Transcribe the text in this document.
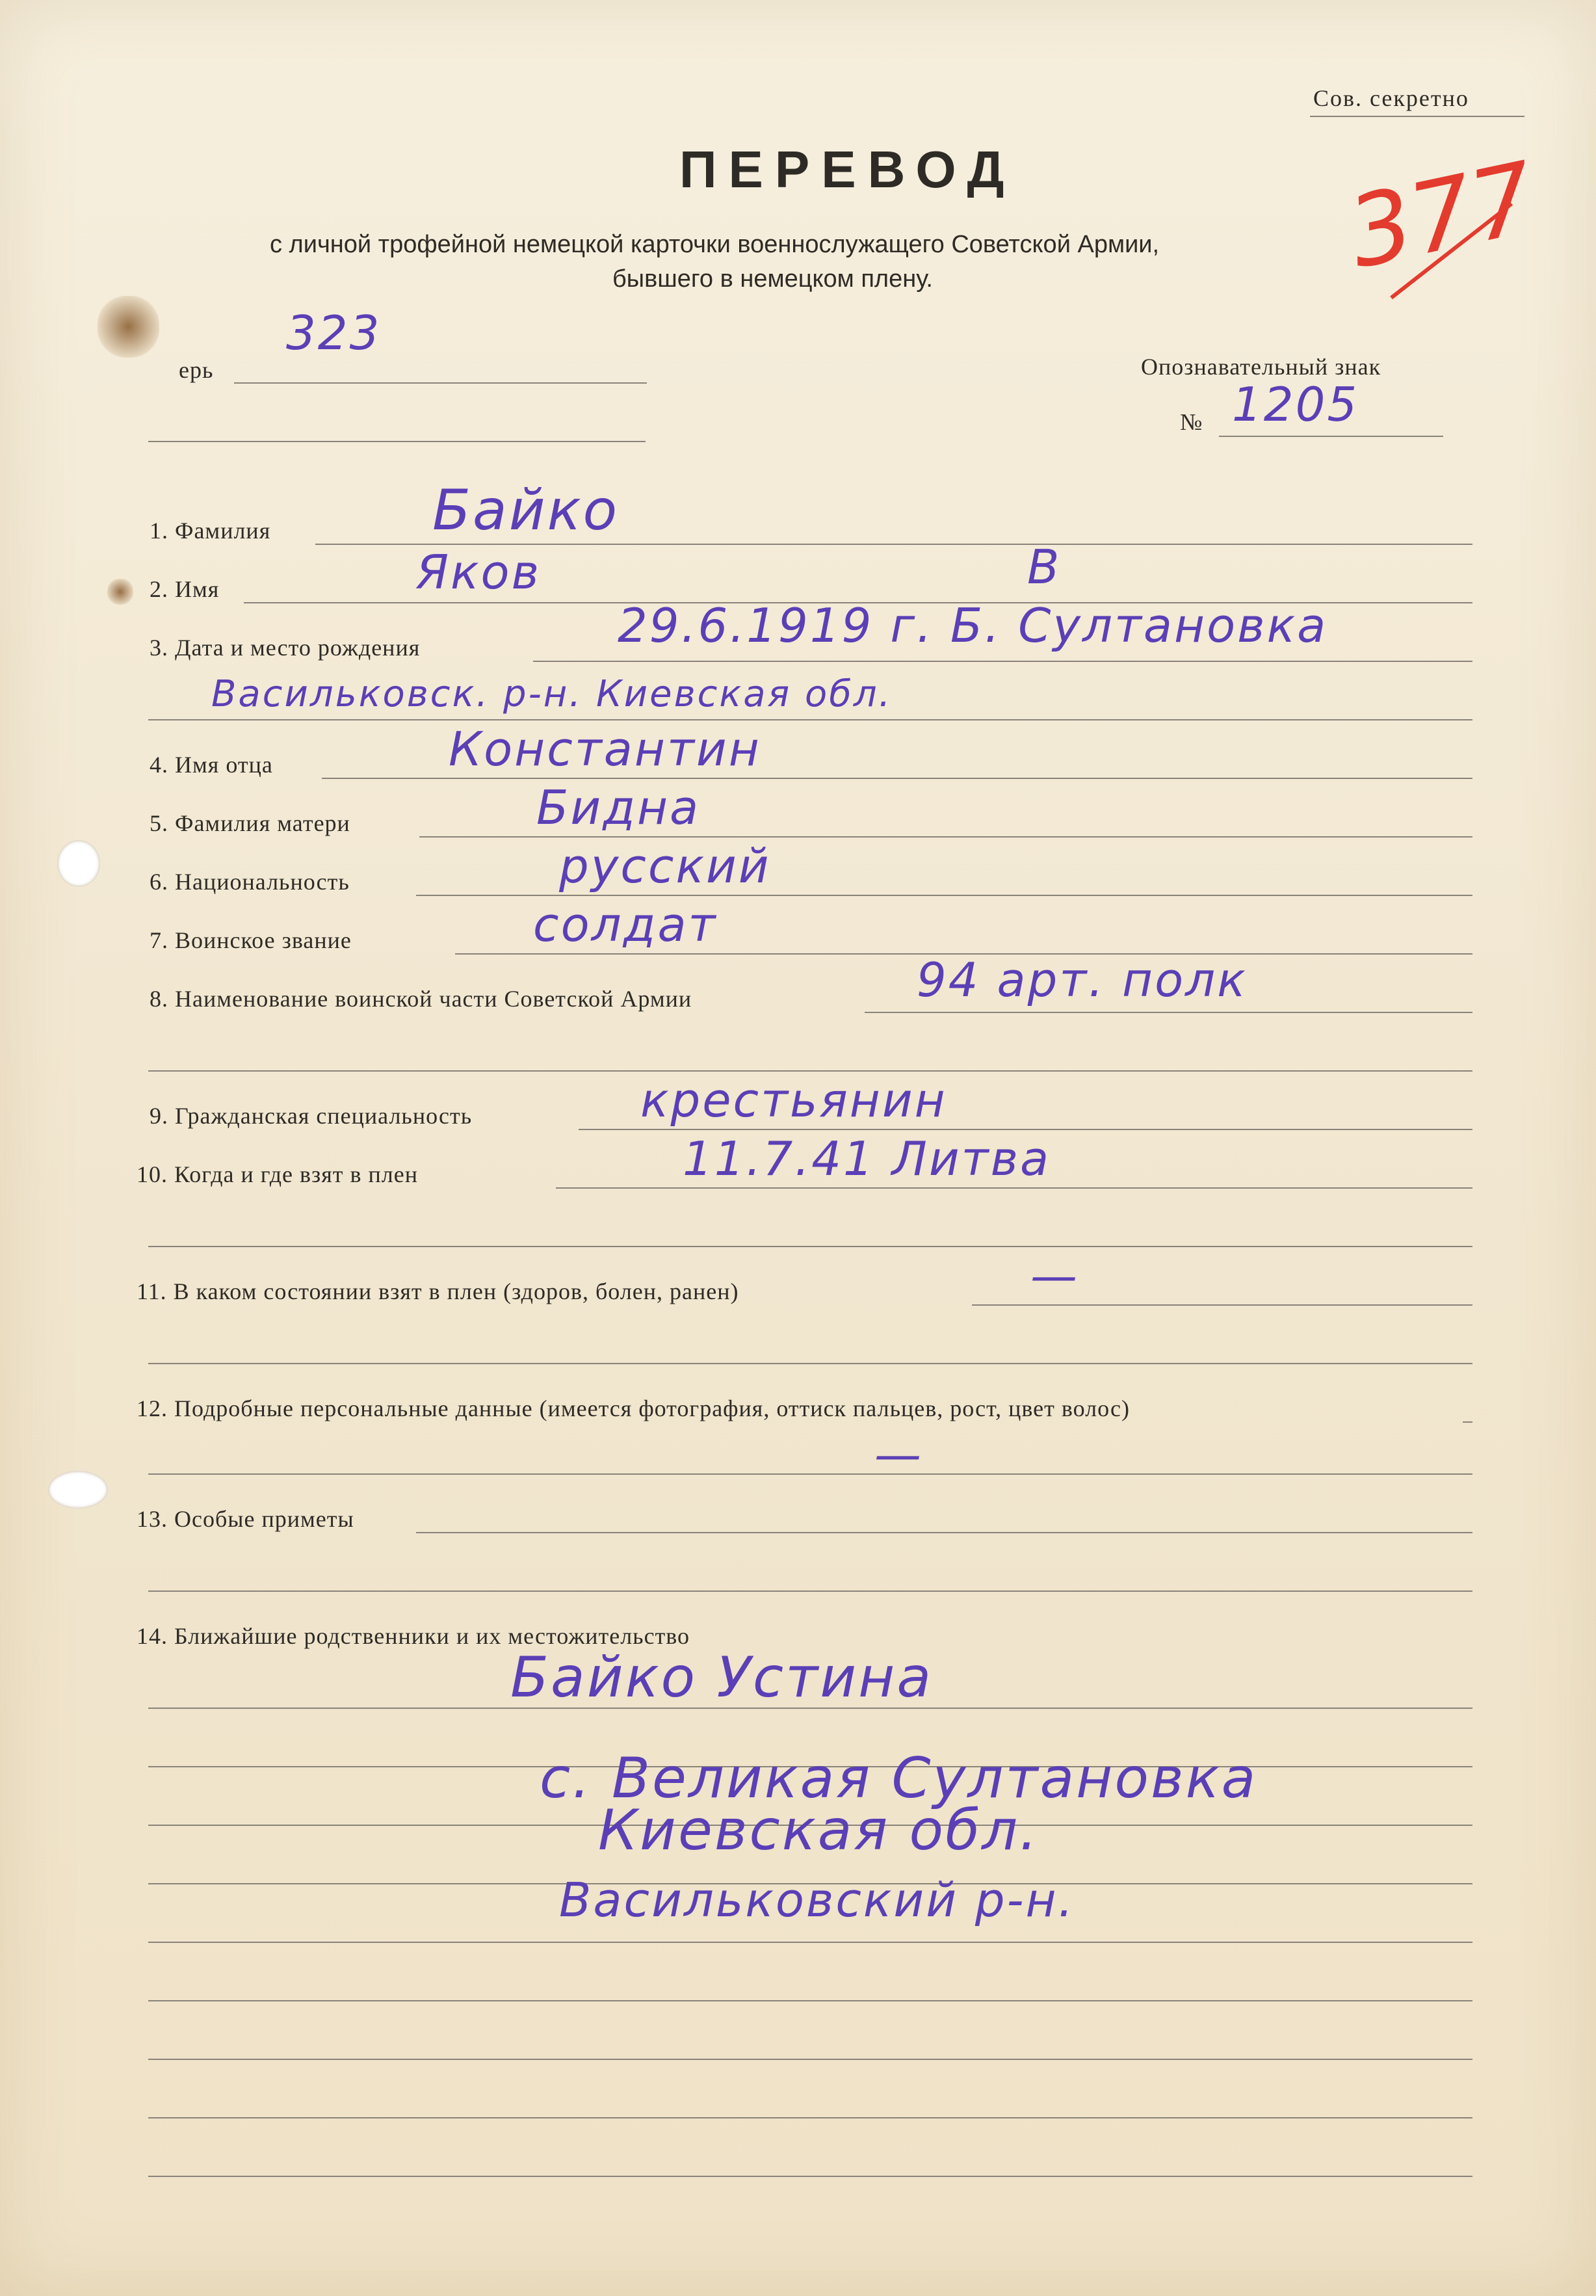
Сов. секретно
ПЕРЕВОД
с личной трофейной немецкой карточки военнослужащего Советской Армии,
бывшего в немецком плену.	377
ерь
323
Опознавательный знак
№ 1205
1. Фамилия	Байко
2. Имя	Яков	В
3. Дата и место рождения	29.6.1919 г. Б. Султановка
Васильковск. р-н. Киевская обл.
4. Имя отца	Константин
5. Фамилия матери	Бидна
6. Национальность	русский
7. Воинское звание	солдат
8. Наименование воинской части Советской Армии	94 арт. полк
9. Гражданская специальность	крестьянин
10. Когда и где взят в плен	11.7.41 Литва
11. В каком состоянии взят в плен (здоров, болен, ранен)	—
12. Подробные персональные данные (имеется фотография, оттиск пальцев, рост, цвет волос)
—
13. Особые приметы
14. Ближайшие родственники и их местожительство
Байко Устина
с. Великая Султановка
Киевская обл.
Васильковский р-н.
